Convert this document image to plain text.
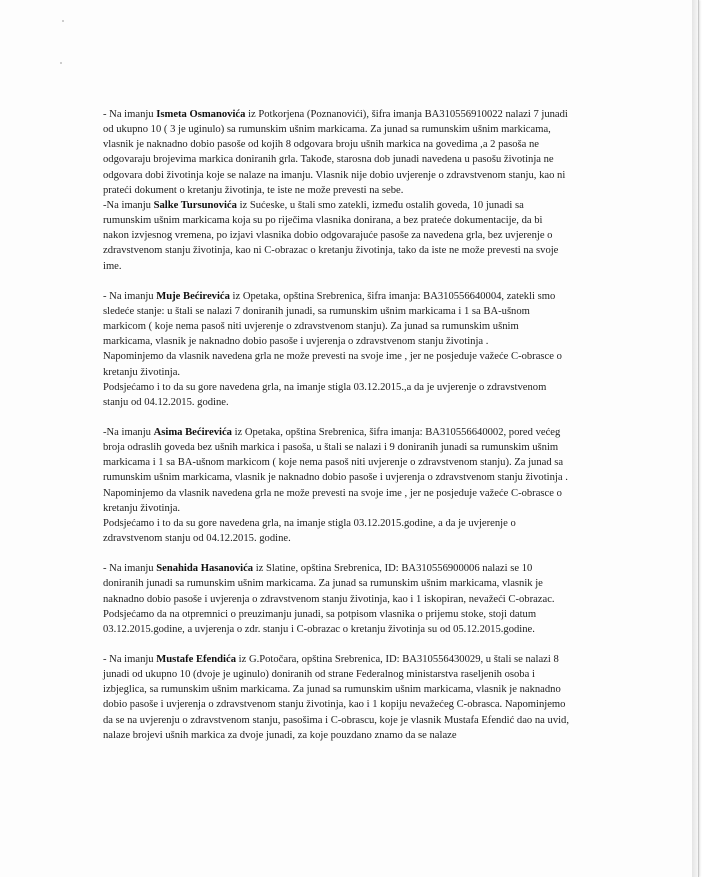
- Na imanju Ismeta Osmanovića iz Potkorjena (Poznanovići), šifra imanja BA310556910022 nalazi 7 junadi od ukupno 10 ( 3 je uginulo) sa rumunskim ušnim markicama. Za junad sa rumunskim ušnim markicama, vlasnik je naknadno dobio pasoše od kojih 8 odgovara broju ušnih markica na govedima ,a 2 pasoša ne odgovaraju brojevima markica doniranih grla. Takođe, starosna dob junadi navedena u pasošu životinja ne odgovara dobi životinja koje se nalaze na imanju. Vlasnik nije dobio uvjerenje o zdravstvenom stanju, kao ni prateći dokument o kretanju životinja, te iste ne može prevesti na sebe.

-Na imanju Salke Tursunovića iz Sućeske, u štali smo zatekli, između ostalih goveda, 10 junadi sa rumunskim ušnim markicama koja su po riječima vlasnika donirana, a bez prateće dokumentacije, da bi nakon izvjesnog vremena, po izjavi vlasnika dobio odgovarajuće pasoše za navedena grla, bez uvjerenje o zdravstvenom stanju životinja, kao ni C-obrazac o kretanju životinja, tako da iste ne može prevesti na svoje ime.

- Na imanju Muje Bećirevića iz Opetaka, opština Srebrenica, šifra imanja: BA310556640004, zatekli smo sledeće stanje: u štali se nalazi 7 doniranih junadi, sa rumunskim ušnim markicama i 1 sa BA-ušnom markicom ( koje nema pasoš niti uvjerenje o zdravstvenom stanju). Za junad sa rumunskim ušnim markicama, vlasnik je naknadno dobio pasoše i uvjerenja o zdravstvenom stanju životinja .

Napominjemo da vlasnik navedena grla ne može prevesti na svoje ime , jer ne posjeduje važeće C-obrasce o kretanju životinja.

Podsjećamo i to da su gore navedena grla, na imanje stigla 03.12.2015.,a da je uvjerenje o zdravstvenom stanju od 04.12.2015. godine.

-Na imanju Asima Bećirevića iz Opetaka, opština Srebrenica, šifra imanja: BA310556640002, pored većeg broja odraslih goveda bez ušnih markica i pasoša, u štali se nalazi i 9 doniranih junadi sa rumunskim ušnim markicama i 1 sa BA-ušnom markicom ( koje nema pasoš niti uvjerenje o zdravstvenom stanju). Za junad sa rumunskim ušnim markicama, vlasnik je naknadno dobio pasoše i uvjerenja o zdravstvenom stanju životinja .

Napominjemo da vlasnik navedena grla ne može prevesti na svoje ime , jer ne posjeduje važeće C-obrasce o kretanju životinja.

Podsjećamo i to da su gore navedena grla, na imanje stigla 03.12.2015.godine, a da je uvjerenje o zdravstvenom stanju od 04.12.2015. godine.

- Na imanju Senahida Hasanovića iz Slatine, opština Srebrenica, ID: BA310556900006 nalazi se 10 doniranih junadi sa rumunskim ušnim markicama. Za junad sa rumunskim ušnim markicama, vlasnik je naknadno dobio pasoše i uvjerenja o zdravstvenom stanju životinja, kao i 1 iskopiran, nevažeći C-obrazac.

Podsjećamo da na otpremnici o preuzimanju junadi, sa potpisom vlasnika o prijemu stoke, stoji datum 03.12.2015.godine, a uvjerenja o zdr. stanju i C-obrazac o kretanju životinja su od 05.12.2015.godine.

- Na imanju Mustafe Efendića iz G.Potočara, opština Srebrenica, ID: BA310556430029, u štali se nalazi 8 junadi od ukupno 10 (dvoje je uginulo) doniranih od strane Federalnog ministarstva raseljenih osoba i izbjeglica, sa rumunskim ušnim markicama. Za junad sa rumunskim ušnim markicama, vlasnik je naknadno dobio pasoše i uvjerenja o zdravstvenom stanju životinja, kao i 1 kopiju nevažećeg C-obrasca. Napominjemo da se na uvjerenju o zdravstvenom stanju, pasošima i C-obrascu, koje je vlasnik Mustafa Efendić dao na uvid, nalaze brojevi ušnih markica za dvoje junadi, za koje pouzdano znamo da se nalaze
